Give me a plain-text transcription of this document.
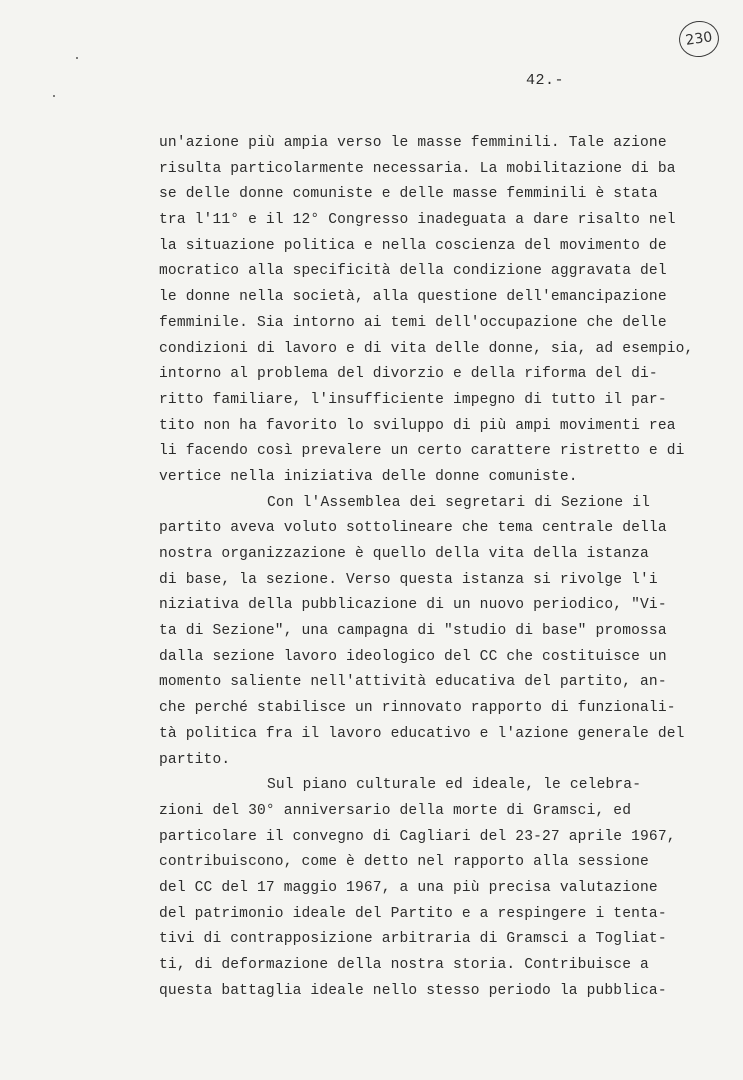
230
42.-
un'azione più ampia verso le masse femminili. Tale azione
risulta particolarmente necessaria. La mobilitazione di ba
se delle donne comuniste e delle masse femminili è stata
tra l'11° e il 12° Congresso inadeguata a dare risalto nel
la situazione politica e nella coscienza del movimento de
mocratico alla specificità della condizione aggravata del
le donne nella società, alla questione dell'emancipazione
femminile. Sia intorno ai temi dell'occupazione che delle
condizioni di lavoro e di vita delle donne, sia, ad esempio,
intorno al problema del divorzio e della riforma del di-
ritto familiare, l'insufficiente impegno di tutto il par-
tito non ha favorito lo sviluppo di più ampi movimenti rea
li facendo così prevalere un certo carattere ristretto e di
vertice nella iniziativa delle donne comuniste.
Con l'Assemblea dei segretari di Sezione il
partito aveva voluto sottolineare che tema centrale della
nostra organizzazione è quello della vita della istanza
di base, la sezione. Verso questa istanza si rivolge l'i
niziativa della pubblicazione di un nuovo periodico, "Vi-
ta di Sezione", una campagna di "studio di base" promossa
dalla sezione lavoro ideologico del CC che costituisce un
momento saliente nell'attività educativa del partito, an-
che perché stabilisce un rinnovato rapporto di funzionali-
tà politica fra il lavoro educativo e l'azione generale del
partito.
Sul piano culturale ed ideale, le celebra-
zioni del 30° anniversario della morte di Gramsci, ed
particolare il convegno di Cagliari del 23-27 aprile 1967,
contribuiscono, come è detto nel rapporto alla sessione
del CC del 17 maggio 1967, a una più precisa valutazione
del patrimonio ideale del Partito e a respingere i tenta-
tivi di contrapposizione arbitraria di Gramsci a Togliat-
ti, di deformazione della nostra storia. Contribuisce a
questa battaglia ideale nello stesso periodo la pubblica-
